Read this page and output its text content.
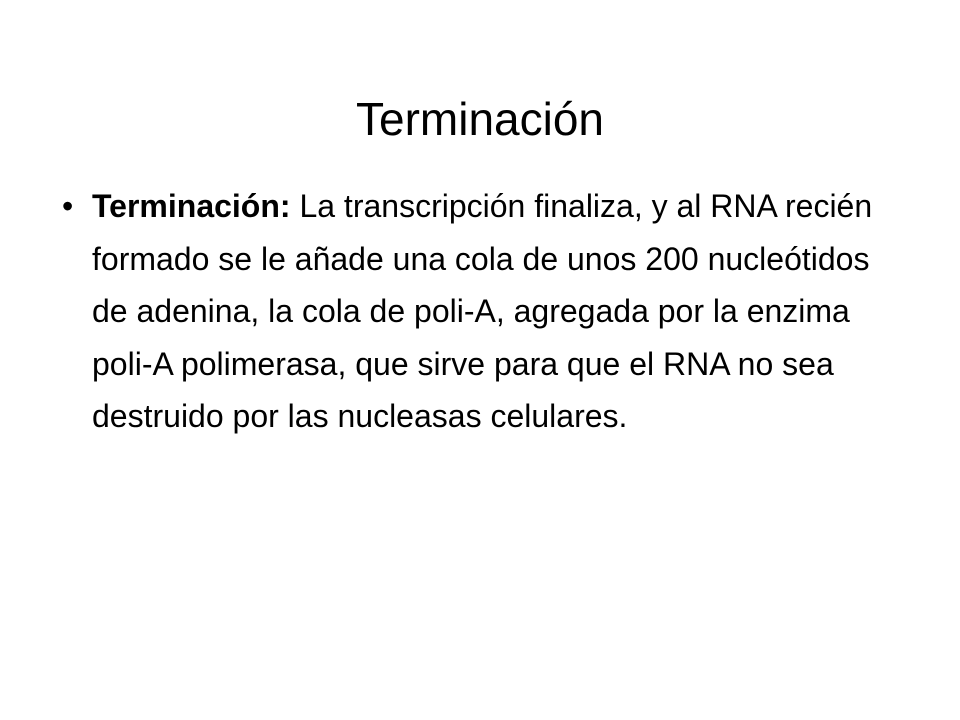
Terminación
• Terminación: La transcripción finaliza, y al RNA recién formado se le añade una cola de unos 200 nucleótidos de adenina, la cola de poli-A, agregada por la enzima poli-A polimerasa, que sirve para que el RNA no sea destruido por las nucleasas celulares.
